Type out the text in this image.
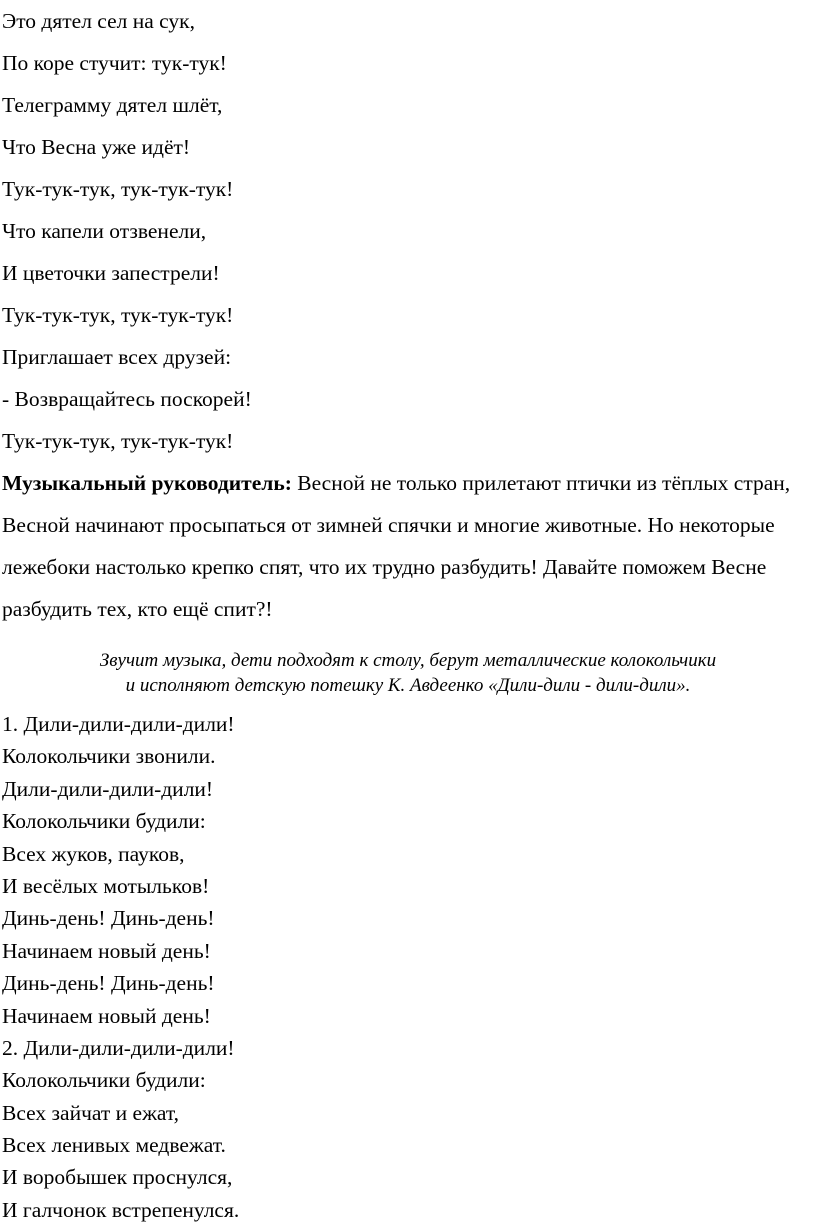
Это дятел сел на сук,
По коре стучит: тук-тук!
Телеграмму дятел шлёт,
Что Весна уже идёт!
Тук-тук-тук, тук-тук-тук!
Что капели отзвенели,
И цветочки запестрели!
Тук-тук-тук, тук-тук-тук!
Приглашает всех друзей:
- Возвращайтесь поскорей!
Тук-тук-тук, тук-тук-тук!
Музыкальный руководитель: Весной не только прилетают птички из тёплых стран, Весной начинают просыпаться от зимней спячки и многие животные. Но некоторые лежебоки настолько крепко спят, что их трудно разбудить! Давайте поможем Весне разбудить тех, кто ещё спит?!
Звучит музыка, дети подходят к столу, берут металлические колокольчики
и исполняют детскую потешку К. Авдеенко «Дили-дили - дили-дили».
1. Дили-дили-дили-дили!
Колокольчики звонили.
Дили-дили-дили-дили!
Колокольчики будили:
Всех жуков, пауков,
И весёлых мотыльков!
Динь-день! Динь-день!
Начинаем новый день!
Динь-день! Динь-день!
Начинаем новый день!
2. Дили-дили-дили-дили!
Колокольчики будили:
Всех зайчат и ежат,
Всех ленивых медвежат.
И воробышек проснулся,
И галчонок встрепенулся.
